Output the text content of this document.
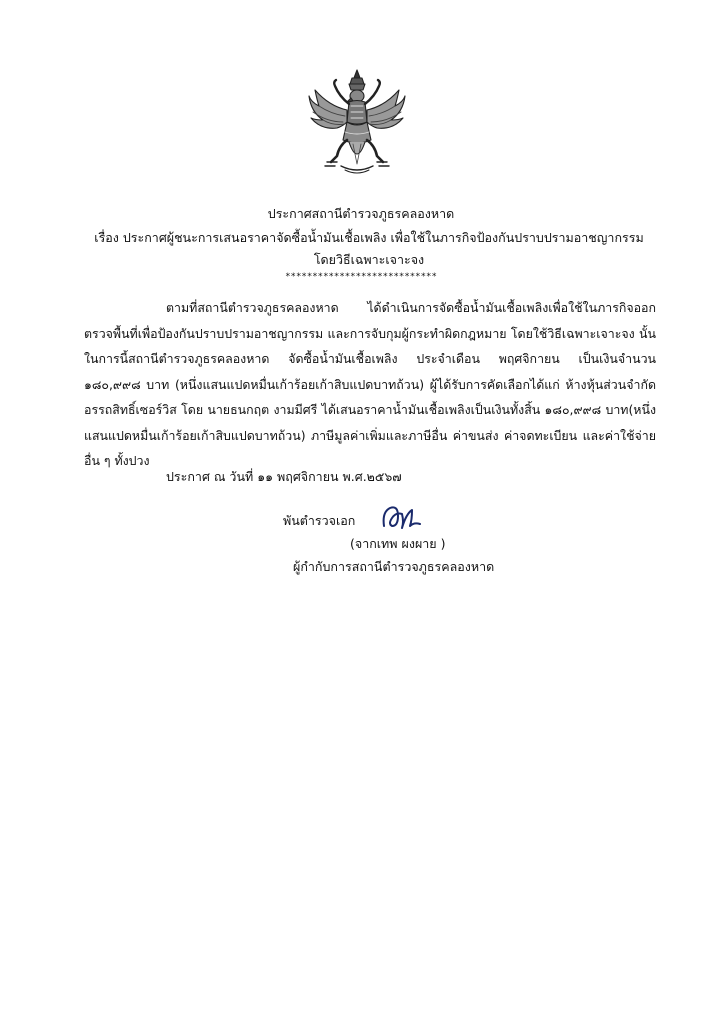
ประกาศสถานีตำรวจภูธรคลองหาด
เรื่อง ประกาศผู้ชนะการเสนอราคาจัดซื้อน้ำมันเชื้อเพลิง เพื่อใช้ในภารกิจป้องกันปราบปรามอาชญากรรม โดยวิธีเฉพาะเจาะจง
****************************

ตามที่สถานีตำรวจภูธรคลองหาด ได้ดำเนินการจัดซื้อน้ำมันเชื้อเพลิงเพื่อใช้ในภารกิจออกตรวจพื้นที่เพื่อป้องกันปราบปรามอาชญากรรม และการจับกุมผู้กระทำผิดกฎหมาย โดยใช้วิธีเฉพาะเจาะจง นั้นในการนี้สถานีตำรวจภูธรคลองหาด จัดซื้อน้ำมันเชื้อเพลิง ประจำเดือน พฤศจิกายน เป็นเงินจำนวน ๑๘๐,๙๙๘ บาท (หนึ่งแสนแปดหมื่นเก้าร้อยเก้าสิบแปดบาทถ้วน) ผู้ได้รับการคัดเลือกได้แก่ ห้างหุ้นส่วนจำกัด อรรถสิทธิ์เซอร์วิส โดย นายธนกฤต งามมีศรี ได้เสนอราคาน้ำมันเชื้อเพลิงเป็นเงินทั้งสิ้น ๑๘๐,๙๙๘ บาท(หนึ่งแสนแปดหมื่นเก้าร้อยเก้าสิบแปดบาทถ้วน) ภาษีมูลค่าเพิ่มและภาษีอื่น ค่าขนส่ง ค่าจดทะเบียน และค่าใช้จ่ายอื่น ๆ ทั้งปวง

ประกาศ ณ วันที่ ๑๑ พฤศจิกายน พ.ศ.๒๕๖๗
พันตำรวจเอก
(จากเทพ ผงผาย )
ผู้กำกับการสถานีตำรวจภูธรคลองหาด
